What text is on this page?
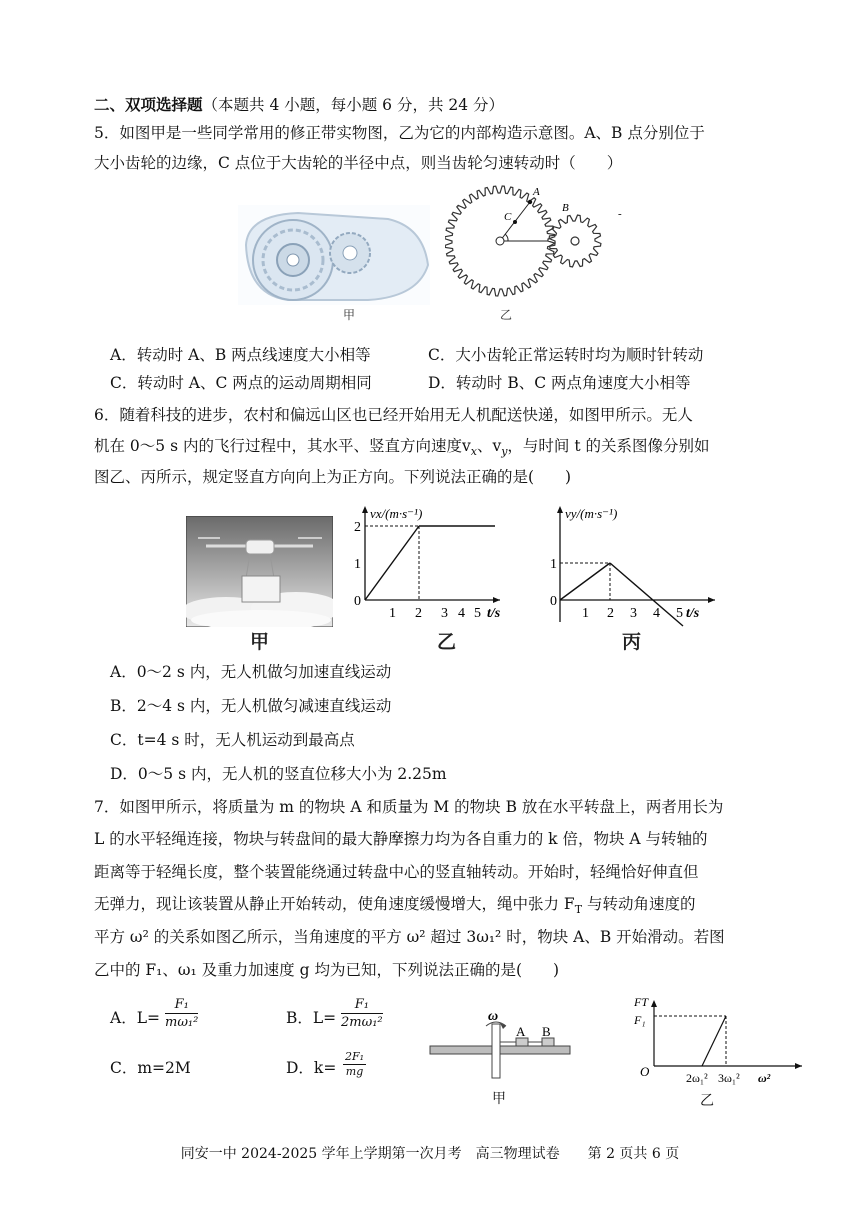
二、双项选择题（本题共 4 小题，每小题 6 分，共 24 分）
5．如图甲是一些同学常用的修正带实物图，乙为它的内部构造示意图。A、B 点分别位于
大小齿轮的边缘，C 点位于大齿轮的半径中点，则当齿轮匀速转动时（　　）
甲
A
C
B	-
乙
A．转动时 A、B 两点线速度大小相等	C．大小齿轮正常运转时均为顺时针转动
C．转动时 A、C 两点的运动周期相同	D．转动时 B、C 两点角速度大小相等
6．随着科技的进步，农村和偏远山区也已经开始用无人机配送快递，如图甲所示。无人
机在 0～5 s 内的飞行过程中，其水平、竖直方向速度$v_x$、$v_y$，与时间 t 的关系图像分别如
图乙、丙所示，规定竖直方向向上为正方向。下列说法正确的是(　　)
甲
0
1
2
1 2 3 4 5 t/s
vx/(m·s⁻¹)
乙
0
1
1 2 3 4 5 t/s
vy/(m·s⁻¹)
丙
A．0～2 s 内，无人机做匀加速直线运动
B．2～4 s 内，无人机做匀减速直线运动
C．t=4 s 时，无人机运动到最高点
D．0～5 s 内，无人机的竖直位移大小为 2.25m
7．如图甲所示，将质量为 m 的物块 A 和质量为 M 的物块 B 放在水平转盘上，两者用长为
L 的水平轻绳连接，物块与转盘间的最大静摩擦力均为各自重力的 k 倍，物块 A 与转轴的
距离等于轻绳长度，整个装置能绕通过转盘中心的竖直轴转动。开始时，轻绳恰好伸直但
无弹力，现让该装置从静止开始转动，使角速度缓慢增大，绳中张力 $F_T$ 与转动角速度的
平方 ω² 的关系如图乙所示，当角速度的平方 ω² 超过 3ω₁² 时，物块 A、B 开始滑动。若图
乙中的 F₁、ω₁ 及重力加速度 g 均为已知，下列说法正确的是(　　)
A．L=
F₁
mω₁²	B．L=
F₁
2mω₁²
C．m=2M	D．k=
2F₁
mg
ω
A B
甲
FT
F₁
O	2ω₁² 3ω₁² ω²
乙
同安一中 2024-2025 学年上学期第一次月考　高三物理试卷　　第 2 页共 6 页
